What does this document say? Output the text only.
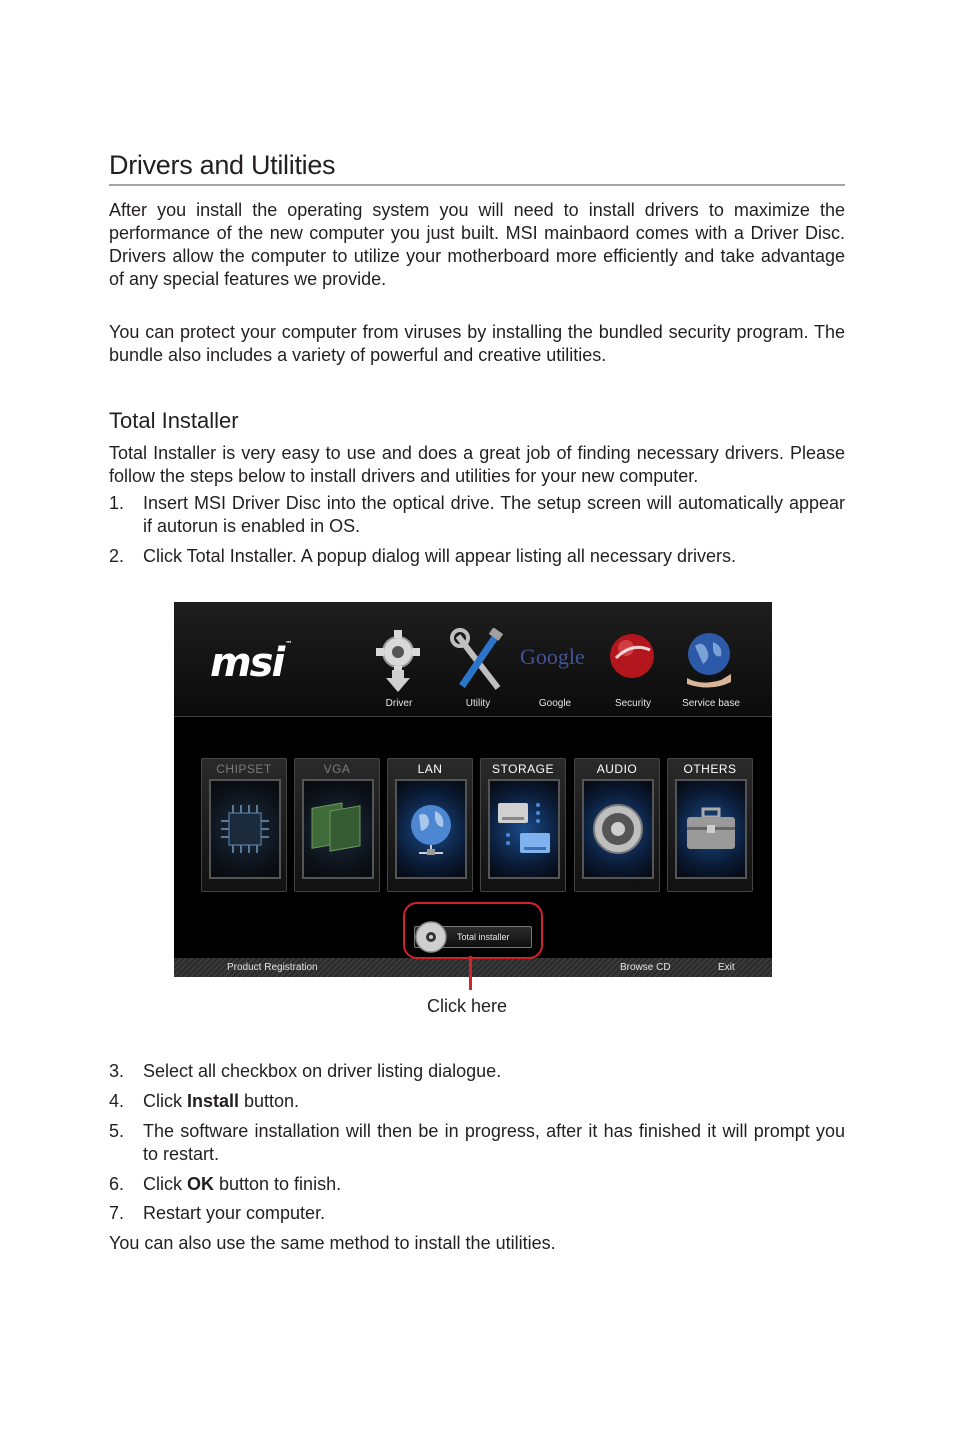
Drivers and Utilities

After you install the operating system you will need to install drivers to maximize the performance of the new computer you just built. MSI mainbaord comes with a Driver Disc. Drivers allow the computer to utilize your motherboard more efficiently and take advantage of any special features we provide.

You can protect your computer from viruses by installing the bundled security program. The bundle also includes a variety of powerful and creative utilities.

Total Installer

Total Installer is very easy to use and does a great job of finding necessary drivers. Please follow the steps below to install drivers and utilities for your new computer.

1. Insert MSI Driver Disc into the optical drive. The setup screen will automatically appear if autorun is enabled in OS.
2. Click Total Installer. A popup dialog will appear listing all necessary drivers.
3. Select all checkbox on driver listing dialogue.
4. Click Install button.
5. The software installation will then be in progress, after it has finished it will prompt you to restart.
6. Click OK button to finish.
7. Restart your computer.

You can also use the same method to install the utilities.

msi ™
Driver	Utility
Google
Google	Security	Service base
CHIPSET	VGA	LAN	STORAGE	AUDIO	OTHERS
Total installer
Product Registration	Browse CD	Exit
Click here
